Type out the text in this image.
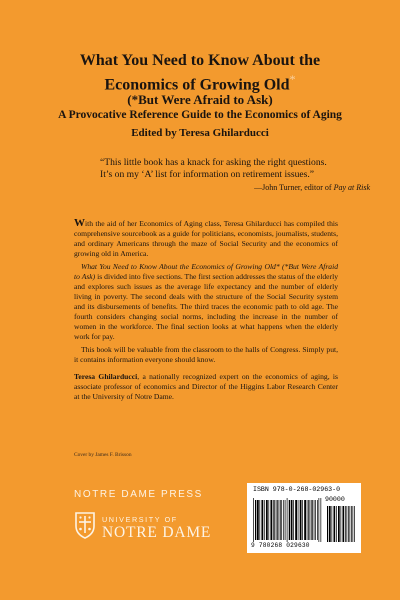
What You Need to Know About the
Economics of Growing Old*
(*But Were Afraid to Ask)
A Provocative Reference Guide to the Economics of Aging
Edited by Teresa Ghilarducci
“This little book has a knack for asking the right questions.
It’s on my ‘A’ list for information on retirement issues.”
—John Turner, editor of Pay at Risk

With the aid of her Economics of Aging class, Teresa Ghilarducci has compiled this comprehensive sourcebook as a guide for politicians, economists, journalists, students, and ordinary Americans through the maze of Social Security and the economics of growing old in America.

What You Need to Know About the Economics of Growing Old* (*But Were Afraid to Ask) is divided into five sections. The first section addresses the status of the elderly and explores such issues as the average life expectancy and the number of elderly living in poverty. The second deals with the structure of the Social Security system and its disbursements of benefits. The third traces the economic path to old age. The fourth considers changing social norms, including the increase in the number of women in the workforce. The final section looks at what happens when the elderly work for pay.

This book will be valuable from the classroom to the halls of Congress. Simply put, it contains information everyone should know.

Teresa Ghilarducci, a nationally recognized expert on the economics of aging, is associate professor of economics and Director of the Higgins Labor Research Center at the University of Notre Dame.

Cover by James F. Brisson
NOTRE DAME PRESS
UNIVERSITY OF
NOTRE DAME
ISBN 978-0-268-02963-0
90000
9 780268 029630
